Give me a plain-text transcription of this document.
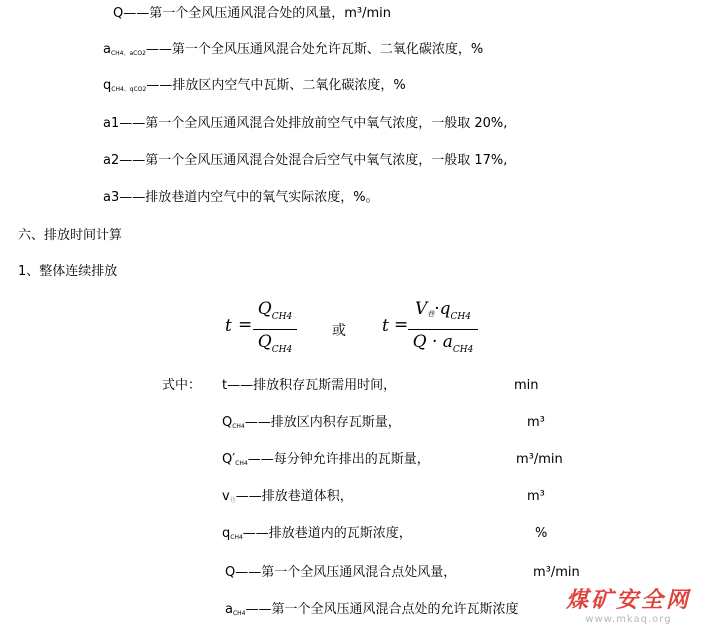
Q——第一个全风压通风混合处的风量，m³/min
$a_{CH4、aCO2}——$第一个全风压通风混合处允许瓦斯、二氧化碳浓度，%
$q_{CH4、qCO2}——$排放区内空气中瓦斯、二氧化碳浓度，%
a1——第一个全风压通风混合处排放前空气中氧气浓度，一般取 20%,
a2——第一个全风压通风混合处混合后空气中氧气浓度，一般取 17%,
a3——排放巷道内空气中的氧气实际浓度，%。
六、排放时间计算
1、整体连续排放
t =
$Q_{CH4}$
$Q_{CH4}$
或 t =
V巷$\cdot q_{CH4}$
$Q \cdot a_{CH4}$
式中： t——排放积存瓦斯需用时间，	min
$Q_{CH4}——$排放区内积存瓦斯量，	m³
$Q'_{CH4}——$每分钟允许排出的瓦斯量，	m³/min
$v_巷——$排放巷道体积，	m³
$q_{CH4}——$排放巷道内的瓦斯浓度，	%
Q——第一个全风压通风混合点处风量，	m³/min
$a_{CH4}——$第一个全风压通风混合点处的允许瓦斯浓度 煤矿安全网
www.mkaq.org
